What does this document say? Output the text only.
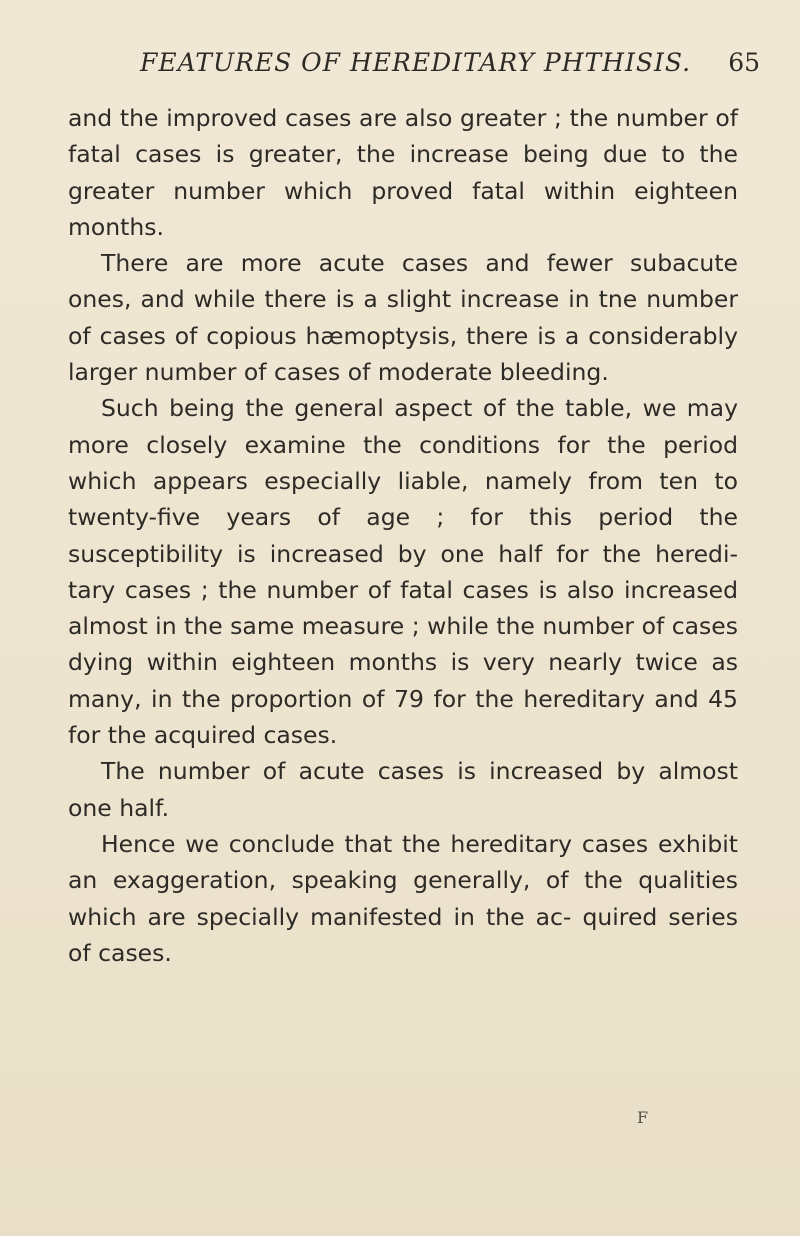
FEATURES OF HEREDITARY PHTHISIS. 65

and the improved cases are also greater ; the number of fatal cases is greater, the increase being due to the greater number which proved fatal within eighteen months.

There are more acute cases and fewer subacute ones, and while there is a slight increase in tne number of cases of copious hæmoptysis, there is a considerably larger number of cases of moderate bleeding.

Such being the general aspect of the table, we may more closely examine the conditions for the period which appears especially liable, namely from ten to twenty-five years of age ; for this period the susceptibility is increased by one half for the heredi- tary cases ; the number of fatal cases is also increased almost in the same measure ; while the number of cases dying within eighteen months is very nearly twice as many, in the proportion of 79 for the hereditary and 45 for the acquired cases.

The number of acute cases is increased by almost one half.

Hence we conclude that the hereditary cases exhibit an exaggeration, speaking generally, of the qualities which are specially manifested in the ac- quired series of cases.

F
